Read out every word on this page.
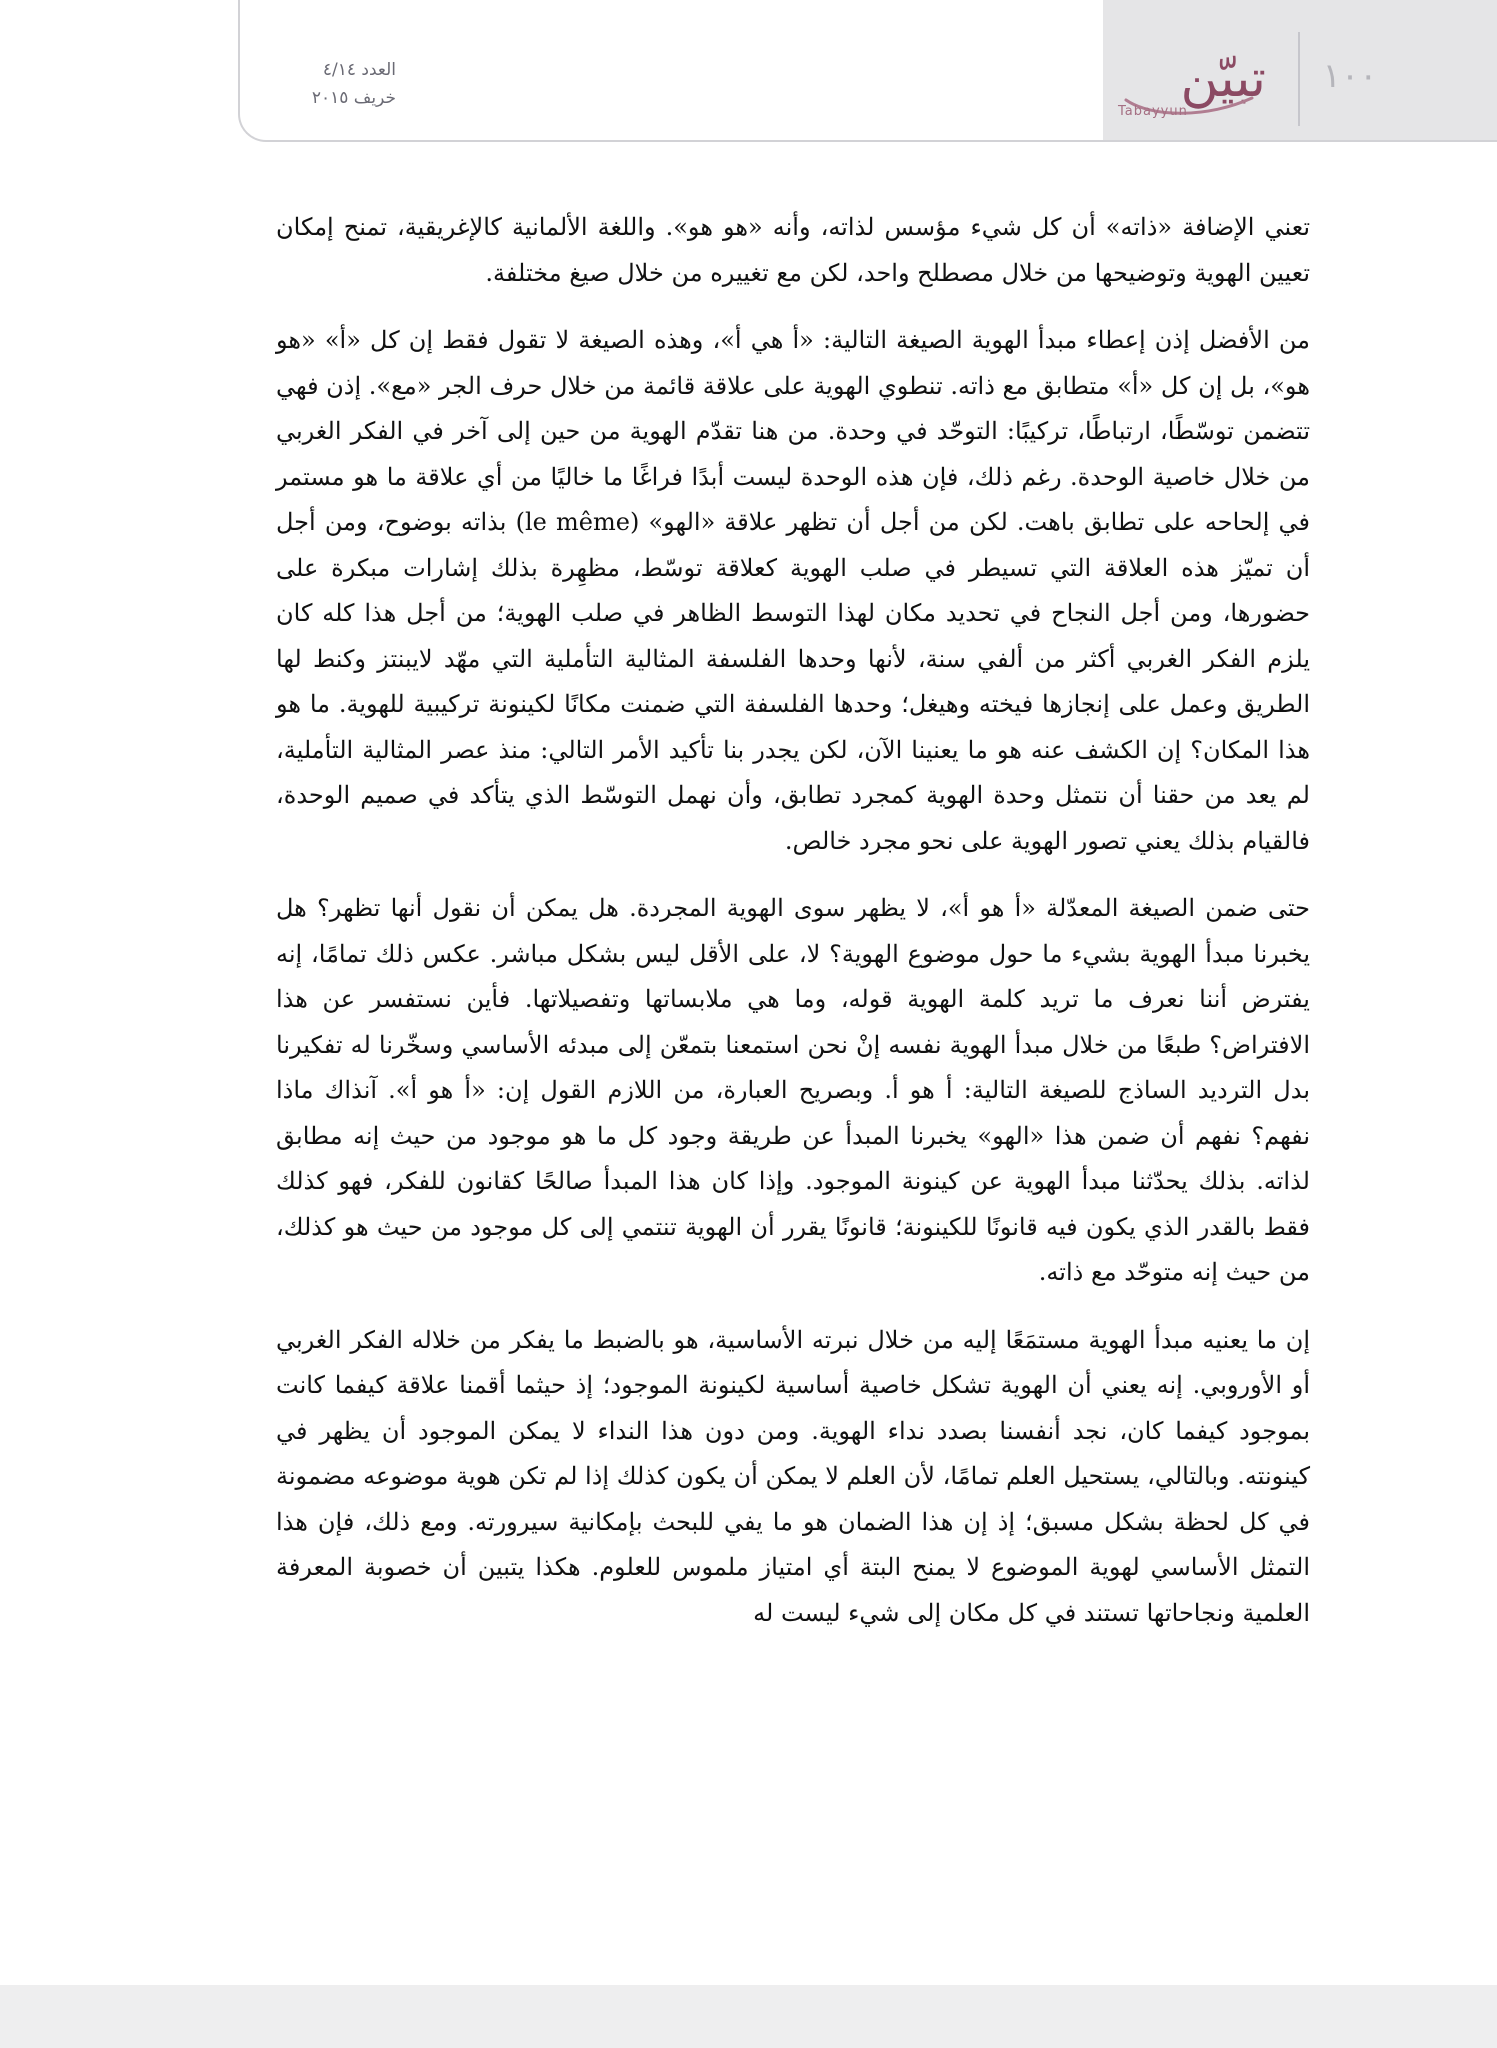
العدد ٤/١٤
خريف ٢٠١٥	تبيّن
Tabayyun
١٠٠

تعني الإضافة «ذاته» أن كل شيء مؤسس لذاته، وأنه «هو هو». واللغة الألمانية كالإغريقية، تمنح إمكان تعيين الهوية وتوضيحها من خلال مصطلح واحد، لكن مع تغييره من خلال صيغ مختلفة.

من الأفضل إذن إعطاء مبدأ الهوية الصيغة التالية: «أ هي أ»، وهذه الصيغة لا تقول فقط إن كل «أ» «هو هو»، بل إن كل «أ» متطابق مع ذاته. تنطوي الهوية على علاقة قائمة من خلال حرف الجر «مع». إذن فهي تتضمن توسّطًا، ارتباطًا، تركيبًا: التوحّد في وحدة. من هنا تقدّم الهوية من حين إلى آخر في الفكر الغربي من خلال خاصية الوحدة. رغم ذلك، فإن هذه الوحدة ليست أبدًا فراغًا ما خاليًا من أي علاقة ما هو مستمر في إلحاحه على تطابق باهت. لكن من أجل أن تظهر علاقة «الهو» (le même) بذاته بوضوح، ومن أجل أن تميّز هذه العلاقة التي تسيطر في صلب الهوية كعلاقة توسّط، مظهِرة بذلك إشارات مبكرة على حضورها، ومن أجل النجاح في تحديد مكان لهذا التوسط الظاهر في صلب الهوية؛ من أجل هذا كله كان يلزم الفكر الغربي أكثر من ألفي سنة، لأنها وحدها الفلسفة المثالية التأملية التي مهّد لايبنتز وكنط لها الطريق وعمل على إنجازها فيخته وهيغل؛ وحدها الفلسفة التي ضمنت مكانًا لكينونة تركيبية للهوية. ما هو هذا المكان؟ إن الكشف عنه هو ما يعنينا الآن، لكن يجدر بنا تأكيد الأمر التالي: منذ عصر المثالية التأملية، لم يعد من حقنا أن نتمثل وحدة الهوية كمجرد تطابق، وأن نهمل التوسّط الذي يتأكد في صميم الوحدة، فالقيام بذلك يعني تصور الهوية على نحو مجرد خالص.

حتى ضمن الصيغة المعدّلة «أ هو أ»، لا يظهر سوى الهوية المجردة. هل يمكن أن نقول أنها تظهر؟ هل يخبرنا مبدأ الهوية بشيء ما حول موضوع الهوية؟ لا، على الأقل ليس بشكل مباشر. عكس ذلك تمامًا، إنه يفترض أننا نعرف ما تريد كلمة الهوية قوله، وما هي ملابساتها وتفصيلاتها. فأين نستفسر عن هذا الافتراض؟ طبعًا من خلال مبدأ الهوية نفسه إنْ نحن استمعنا بتمعّن إلى مبدئه الأساسي وسخّرنا له تفكيرنا بدل الترديد الساذج للصيغة التالية: أ هو أ. وبصريح العبارة، من اللازم القول إن: «أ هو أ». آنذاك ماذا نفهم؟ نفهم أن ضمن هذا «الهو» يخبرنا المبدأ عن طريقة وجود كل ما هو موجود من حيث إنه مطابق لذاته. بذلك يحدّثنا مبدأ الهوية عن كينونة الموجود. وإذا كان هذا المبدأ صالحًا كقانون للفكر، فهو كذلك فقط بالقدر الذي يكون فيه قانونًا للكينونة؛ قانونًا يقرر أن الهوية تنتمي إلى كل موجود من حيث هو كذلك، من حيث إنه متوحّد مع ذاته.

إن ما يعنيه مبدأ الهوية مستمَعًا إليه من خلال نبرته الأساسية، هو بالضبط ما يفكر من خلاله الفكر الغربي أو الأوروبي. إنه يعني أن الهوية تشكل خاصية أساسية لكينونة الموجود؛ إذ حيثما أقمنا علاقة كيفما كانت بموجود كيفما كان، نجد أنفسنا بصدد نداء الهوية. ومن دون هذا النداء لا يمكن الموجود أن يظهر في كينونته. وبالتالي، يستحيل العلم تمامًا، لأن العلم لا يمكن أن يكون كذلك إذا لم تكن هوية موضوعه مضمونة في كل لحظة بشكل مسبق؛ إذ إن هذا الضمان هو ما يفي للبحث بإمكانية سيرورته. ومع ذلك، فإن هذا التمثل الأساسي لهوية الموضوع لا يمنح البتة أي امتياز ملموس للعلوم. هكذا يتبين أن خصوبة المعرفة العلمية ونجاحاتها تستند في كل مكان إلى شيء ليست له
